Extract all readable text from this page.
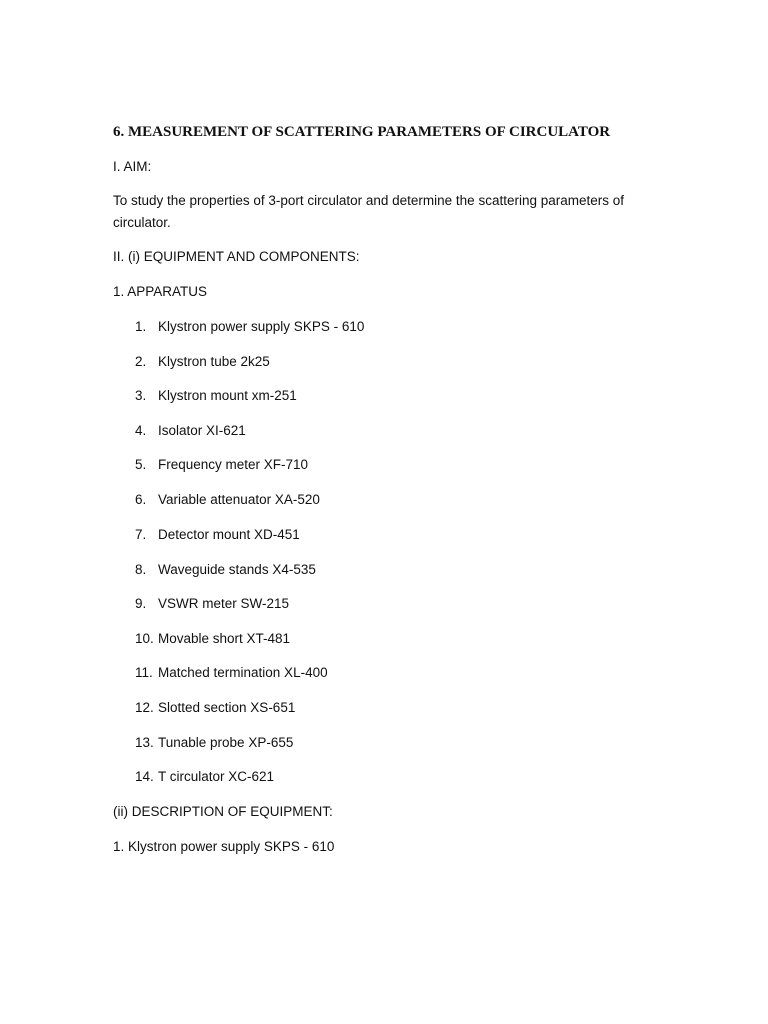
6. MEASUREMENT OF SCATTERING PARAMETERS OF CIRCULATOR
I. AIM:
To study the properties of 3-port circulator and determine the scattering parameters of circulator.
II. (i) EQUIPMENT AND COMPONENTS:
1. APPARATUS
1. Klystron power supply SKPS - 610
2. Klystron tube 2k25
3. Klystron mount xm-251
4. Isolator XI-621
5. Frequency meter XF-710
6. Variable attenuator XA-520
7. Detector mount XD-451
8. Waveguide stands X4-535
9. VSWR meter SW-215
10. Movable short XT-481
11. Matched termination XL-400
12. Slotted section XS-651
13. Tunable probe XP-655
14. T circulator XC-621
(ii) DESCRIPTION OF EQUIPMENT:
1. Klystron power supply SKPS - 610
